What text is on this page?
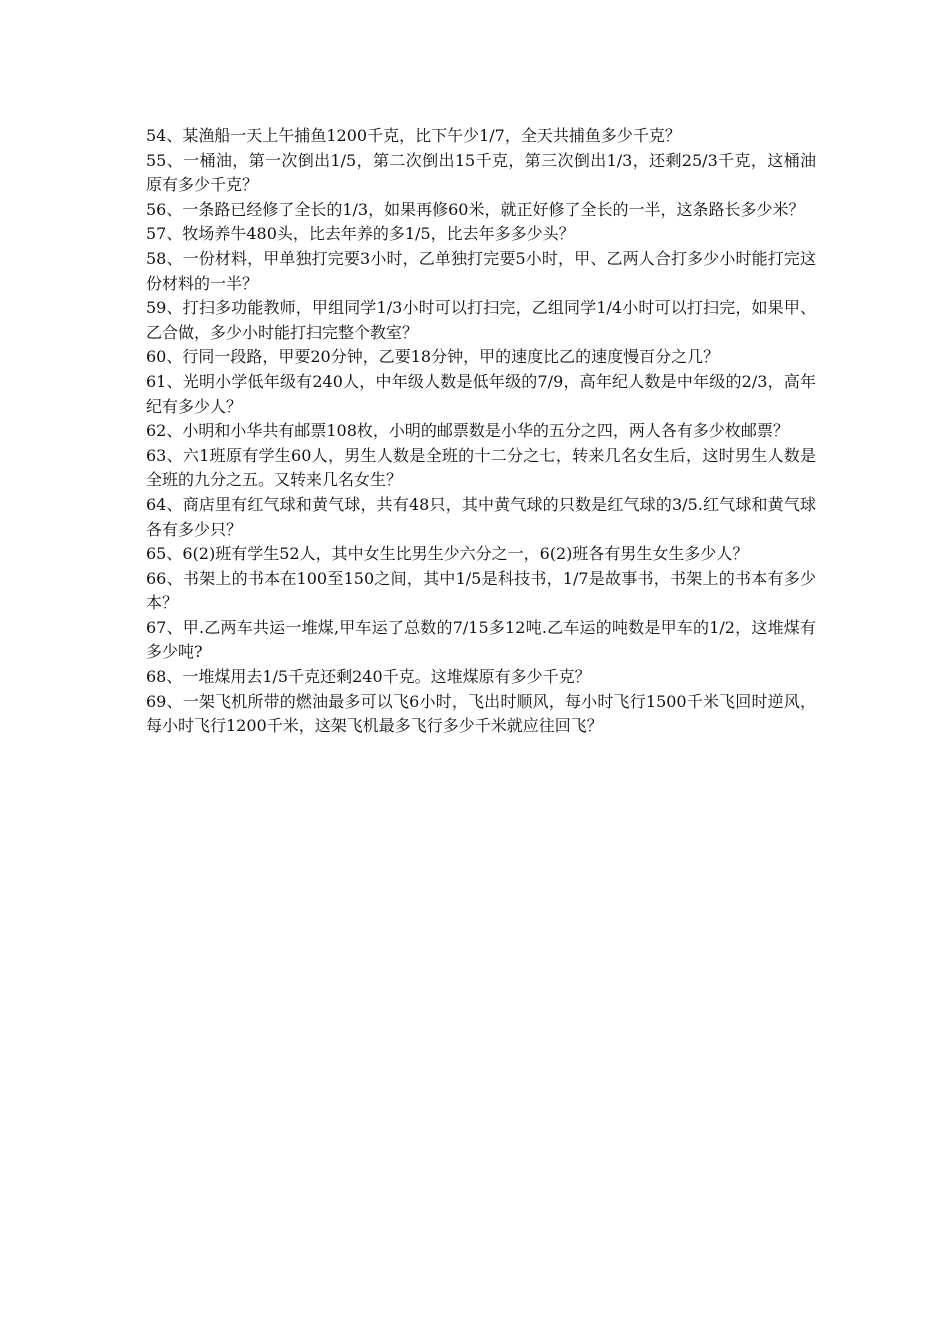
54、某渔船一天上午捕鱼1200千克，比下午少1/7，全天共捕鱼多少千克？

55、一桶油，第一次倒出1/5，第二次倒出15千克，第三次倒出1/3，还剩25/3千克，这桶油原有多少千克？

56、一条路已经修了全长的1/3，如果再修60米，就正好修了全长的一半，这条路长多少米？

57、牧场养牛480头，比去年养的多1/5，比去年多多少头？

58、一份材料，甲单独打完要3小时，乙单独打完要5小时，甲、乙两人合打多少小时能打完这份材料的一半？

59、打扫多功能教师，甲组同学1/3小时可以打扫完，乙组同学1/4小时可以打扫完，如果甲、乙合做，多少小时能打扫完整个教室？

60、行同一段路，甲要20分钟，乙要18分钟，甲的速度比乙的速度慢百分之几？

61、光明小学低年级有240人，中年级人数是低年级的7/9，高年纪人数是中年级的2/3，高年纪有多少人？

62、小明和小华共有邮票108枚，小明的邮票数是小华的五分之四，两人各有多少枚邮票？

63、六1班原有学生60人，男生人数是全班的十二分之七，转来几名女生后，这时男生人数是全班的九分之五。又转来几名女生？

64、商店里有红气球和黄气球，共有48只，其中黄气球的只数是红气球的3/5.红气球和黄气球各有多少只？

65、6(2)班有学生52人，其中女生比男生少六分之一，6(2)班各有男生女生多少人？

66、书架上的书本在100至150之间，其中1/5是科技书，1/7是故事书，书架上的书本有多少本？

67、甲.乙两车共运一堆煤,甲车运了总数的7/15多12吨.乙车运的吨数是甲车的1/2，这堆煤有多少吨?

68、一堆煤用去1/5千克还剩240千克。这堆煤原有多少千克？

69、一架飞机所带的燃油最多可以飞6小时，飞出时顺风，每小时飞行1500千米飞回时逆风，每小时飞行1200千米，这架飞机最多飞行多少千米就应往回飞？
